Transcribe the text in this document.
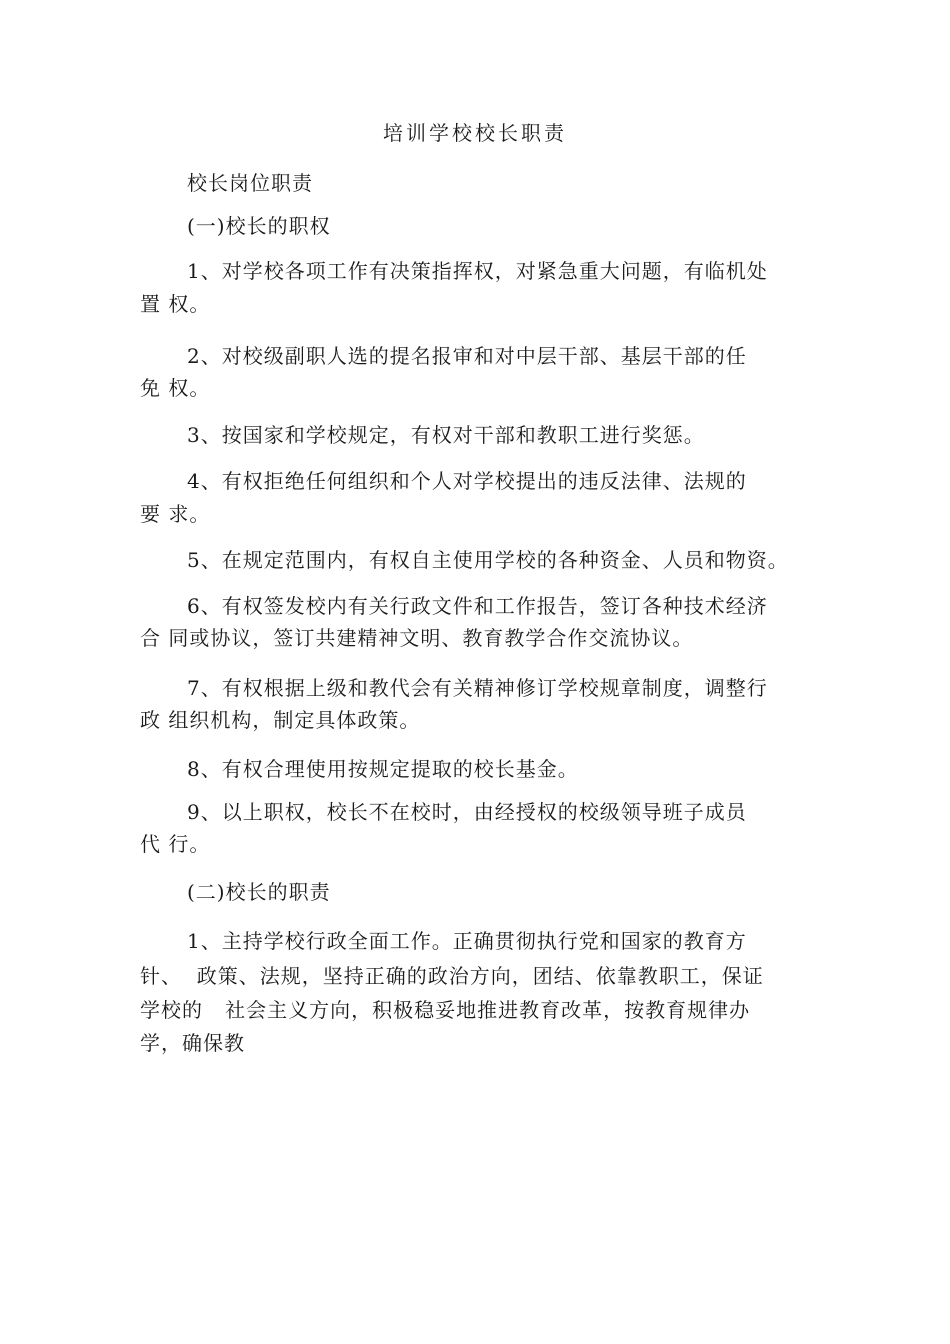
培训学校校长职责
校长岗位职责
(一)校长的职权
1、对学校各项工作有决策指挥权，对紧急重大问题，有临机处
置 权。
2、对校级副职人选的提名报审和对中层干部、基层干部的任
免 权。
3、按国家和学校规定，有权对干部和教职工进行奖惩。
4、有权拒绝任何组织和个人对学校提出的违反法律、法规的
要 求。
5、在规定范围内，有权自主使用学校的各种资金、人员和物资。
6、有权签发校内有关行政文件和工作报告，签订各种技术经济
合 同或协议，签订共建精神文明、教育教学合作交流协议。
7、有权根据上级和教代会有关精神修订学校规章制度，调整行
政 组织机构，制定具体政策。
8、有权合理使用按规定提取的校长基金。
9、以上职权，校长不在校时，由经授权的校级领导班子成员
代 行。
(二)校长的职责
1、主持学校行政全面工作。正确贯彻执行党和国家的教育方
针、  政策、法规，坚持正确的政治方向，团结、依靠教职工，保证
学校的   社会主义方向，积极稳妥地推进教育改革，按教育规律办
学，确保教
